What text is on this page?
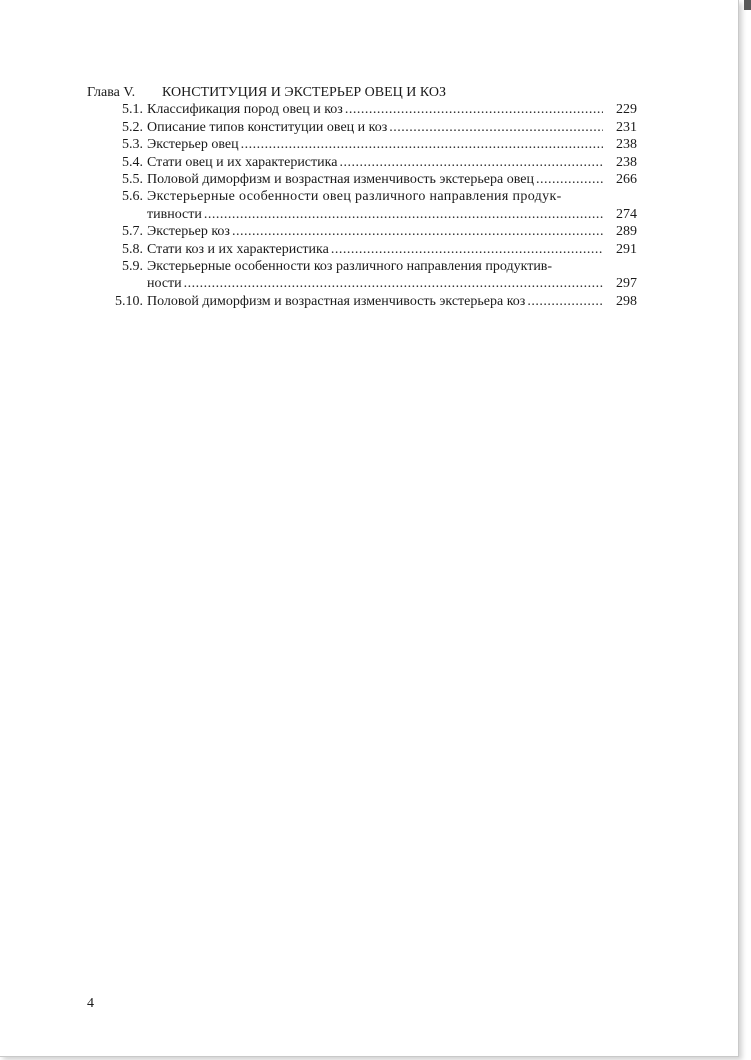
Глава V.	КОНСТИТУЦИЯ И ЭКСТЕРЬЕР ОВЕЦ И КОЗ
5.1. Классификация пород овец и коз .....	229
5.2. Описание типов конституции овец и коз .....	231
5.3. Экстерьер овец .....	238
5.4. Стати овец и их характеристика .....	238
5.5. Половой диморфизм и возрастная изменчивость экстерьера овец .....	266
5.6. Экстерьерные особенности овец различного направления продук-
тивности .....	274
5.7. Экстерьер коз .....	289
5.8. Стати коз и их характеристика .....	291
5.9. Экстерьерные особенности коз различного направления продуктив-
ности .....	297
5.10. Половой диморфизм и возрастная изменчивость экстерьера коз .....	298
4
